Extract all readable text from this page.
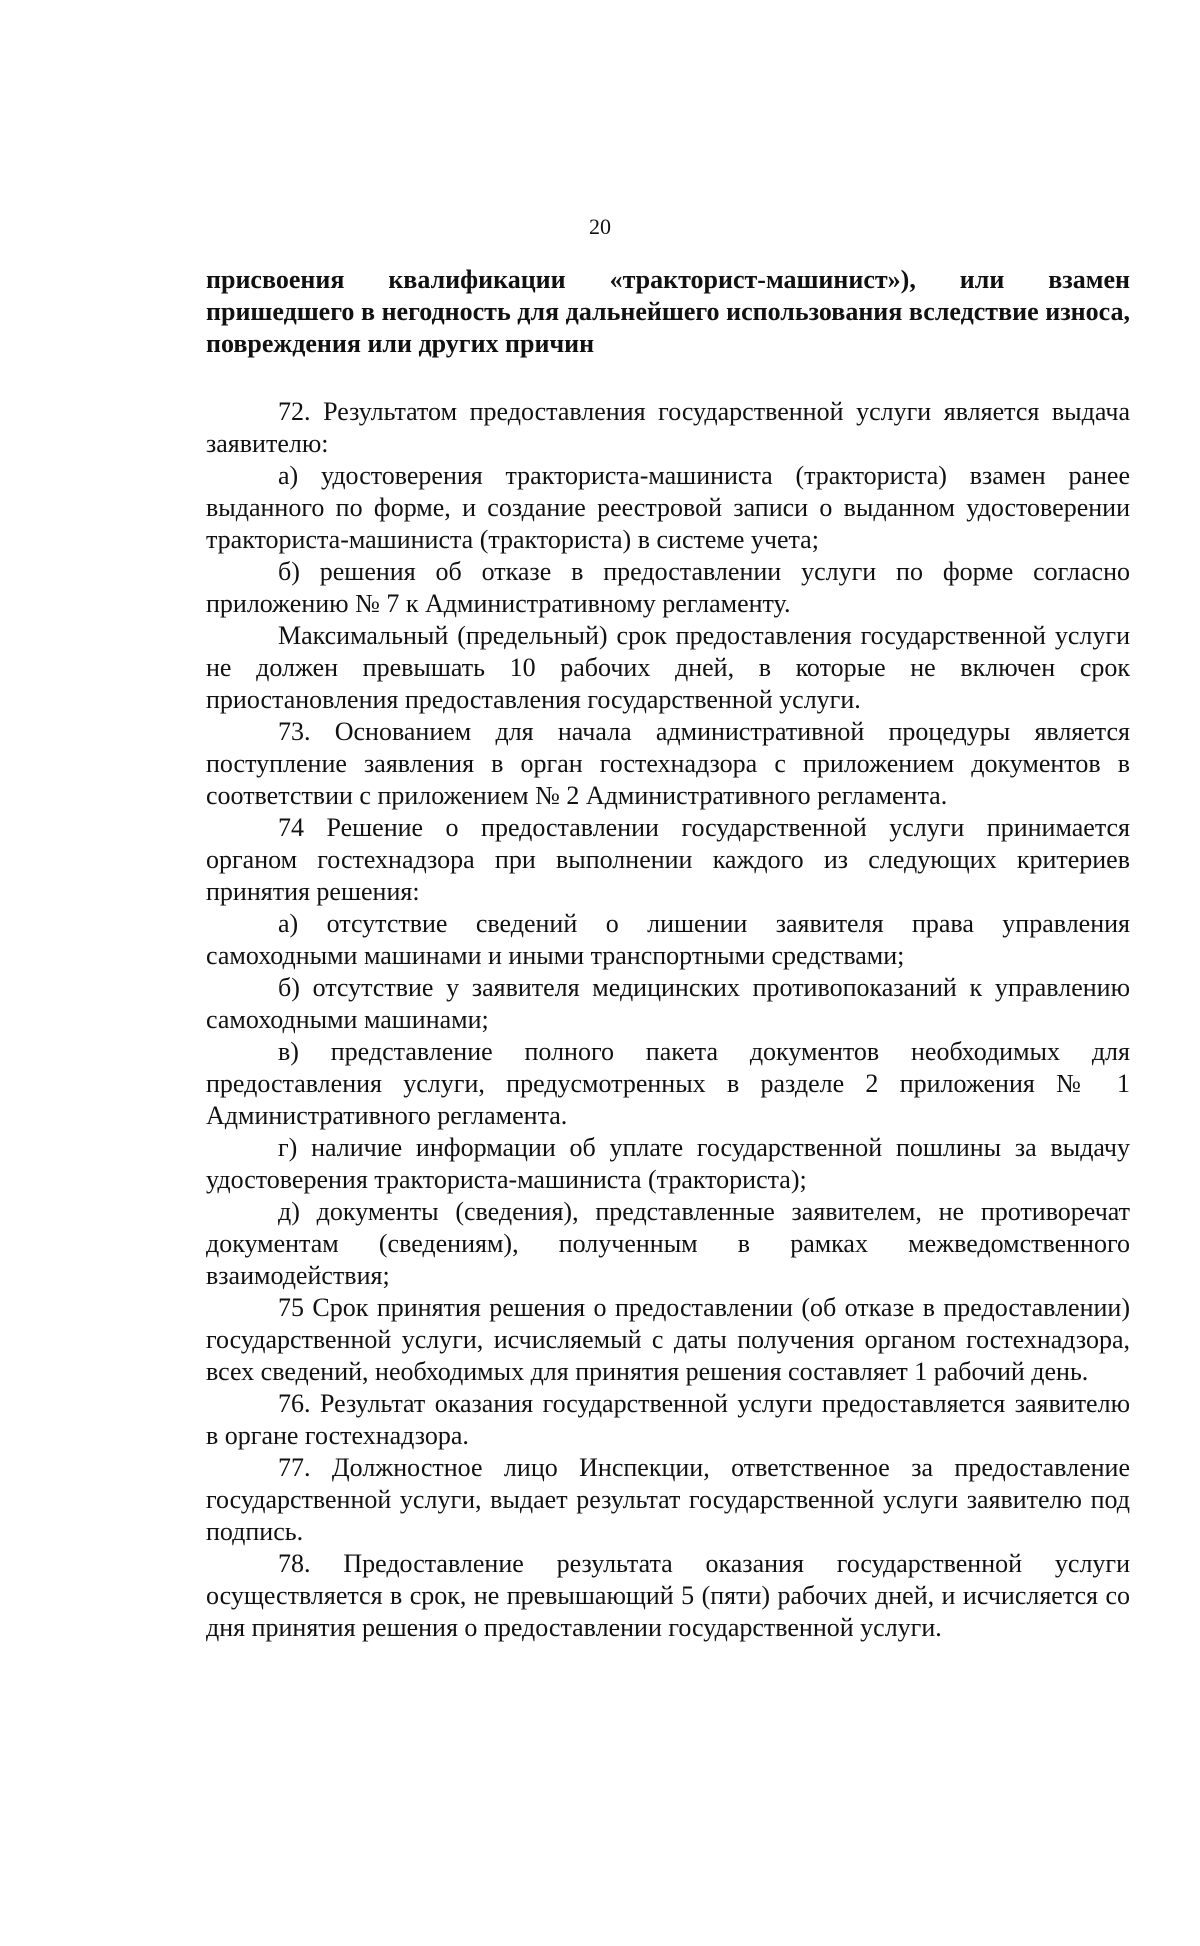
20

присвоения квалификации «тракторист-машинист»), или взамен пришедшего в негодность для дальнейшего использования вследствие износа, повреждения или других причин

72. Результатом предоставления государственной услуги является выдача заявителю:

а) удостоверения тракториста-машиниста (тракториста) взамен ранее выданного по форме, и создание реестровой записи о выданном удостоверении тракториста-машиниста (тракториста) в системе учета;

б) решения об отказе в предоставлении услуги по форме согласно приложению № 7 к Административному регламенту.

Максимальный (предельный) срок предоставления государственной услуги не должен превышать 10 рабочих дней, в которые не включен срок приостановления предоставления государственной услуги.

73. Основанием для начала административной процедуры является поступление заявления в орган гостехнадзора с приложением документов в соответствии с приложением № 2 Административного регламента.

74 Решение о предоставлении государственной услуги принимается органом гостехнадзора при выполнении каждого из следующих критериев принятия решения:

а) отсутствие сведений о лишении заявителя права управления самоходными машинами и иными транспортными средствами;

б) отсутствие у заявителя медицинских противопоказаний к управлению самоходными машинами;

в) представление полного пакета документов необходимых для предоставления услуги, предусмотренных в разделе 2 приложения № 1 Административного регламента.

г) наличие информации об уплате государственной пошлины за выдачу удостоверения тракториста-машиниста (тракториста);

д) документы (сведения), представленные заявителем, не противоречат документам (сведениям), полученным в рамках межведомственного взаимодействия;

75 Срок принятия решения о предоставлении (об отказе в предоставлении) государственной услуги, исчисляемый с даты получения органом гостехнадзора, всех сведений, необходимых для принятия решения составляет 1 рабочий день.

76. Результат оказания государственной услуги предоставляется заявителю в органе гостехнадзора.

77. Должностное лицо Инспекции, ответственное за предоставление государственной услуги, выдает результат государственной услуги заявителю под подпись.

78. Предоставление результата оказания государственной услуги осуществляется в срок, не превышающий 5 (пяти) рабочих дней, и исчисляется со дня принятия решения о предоставлении государственной услуги.
